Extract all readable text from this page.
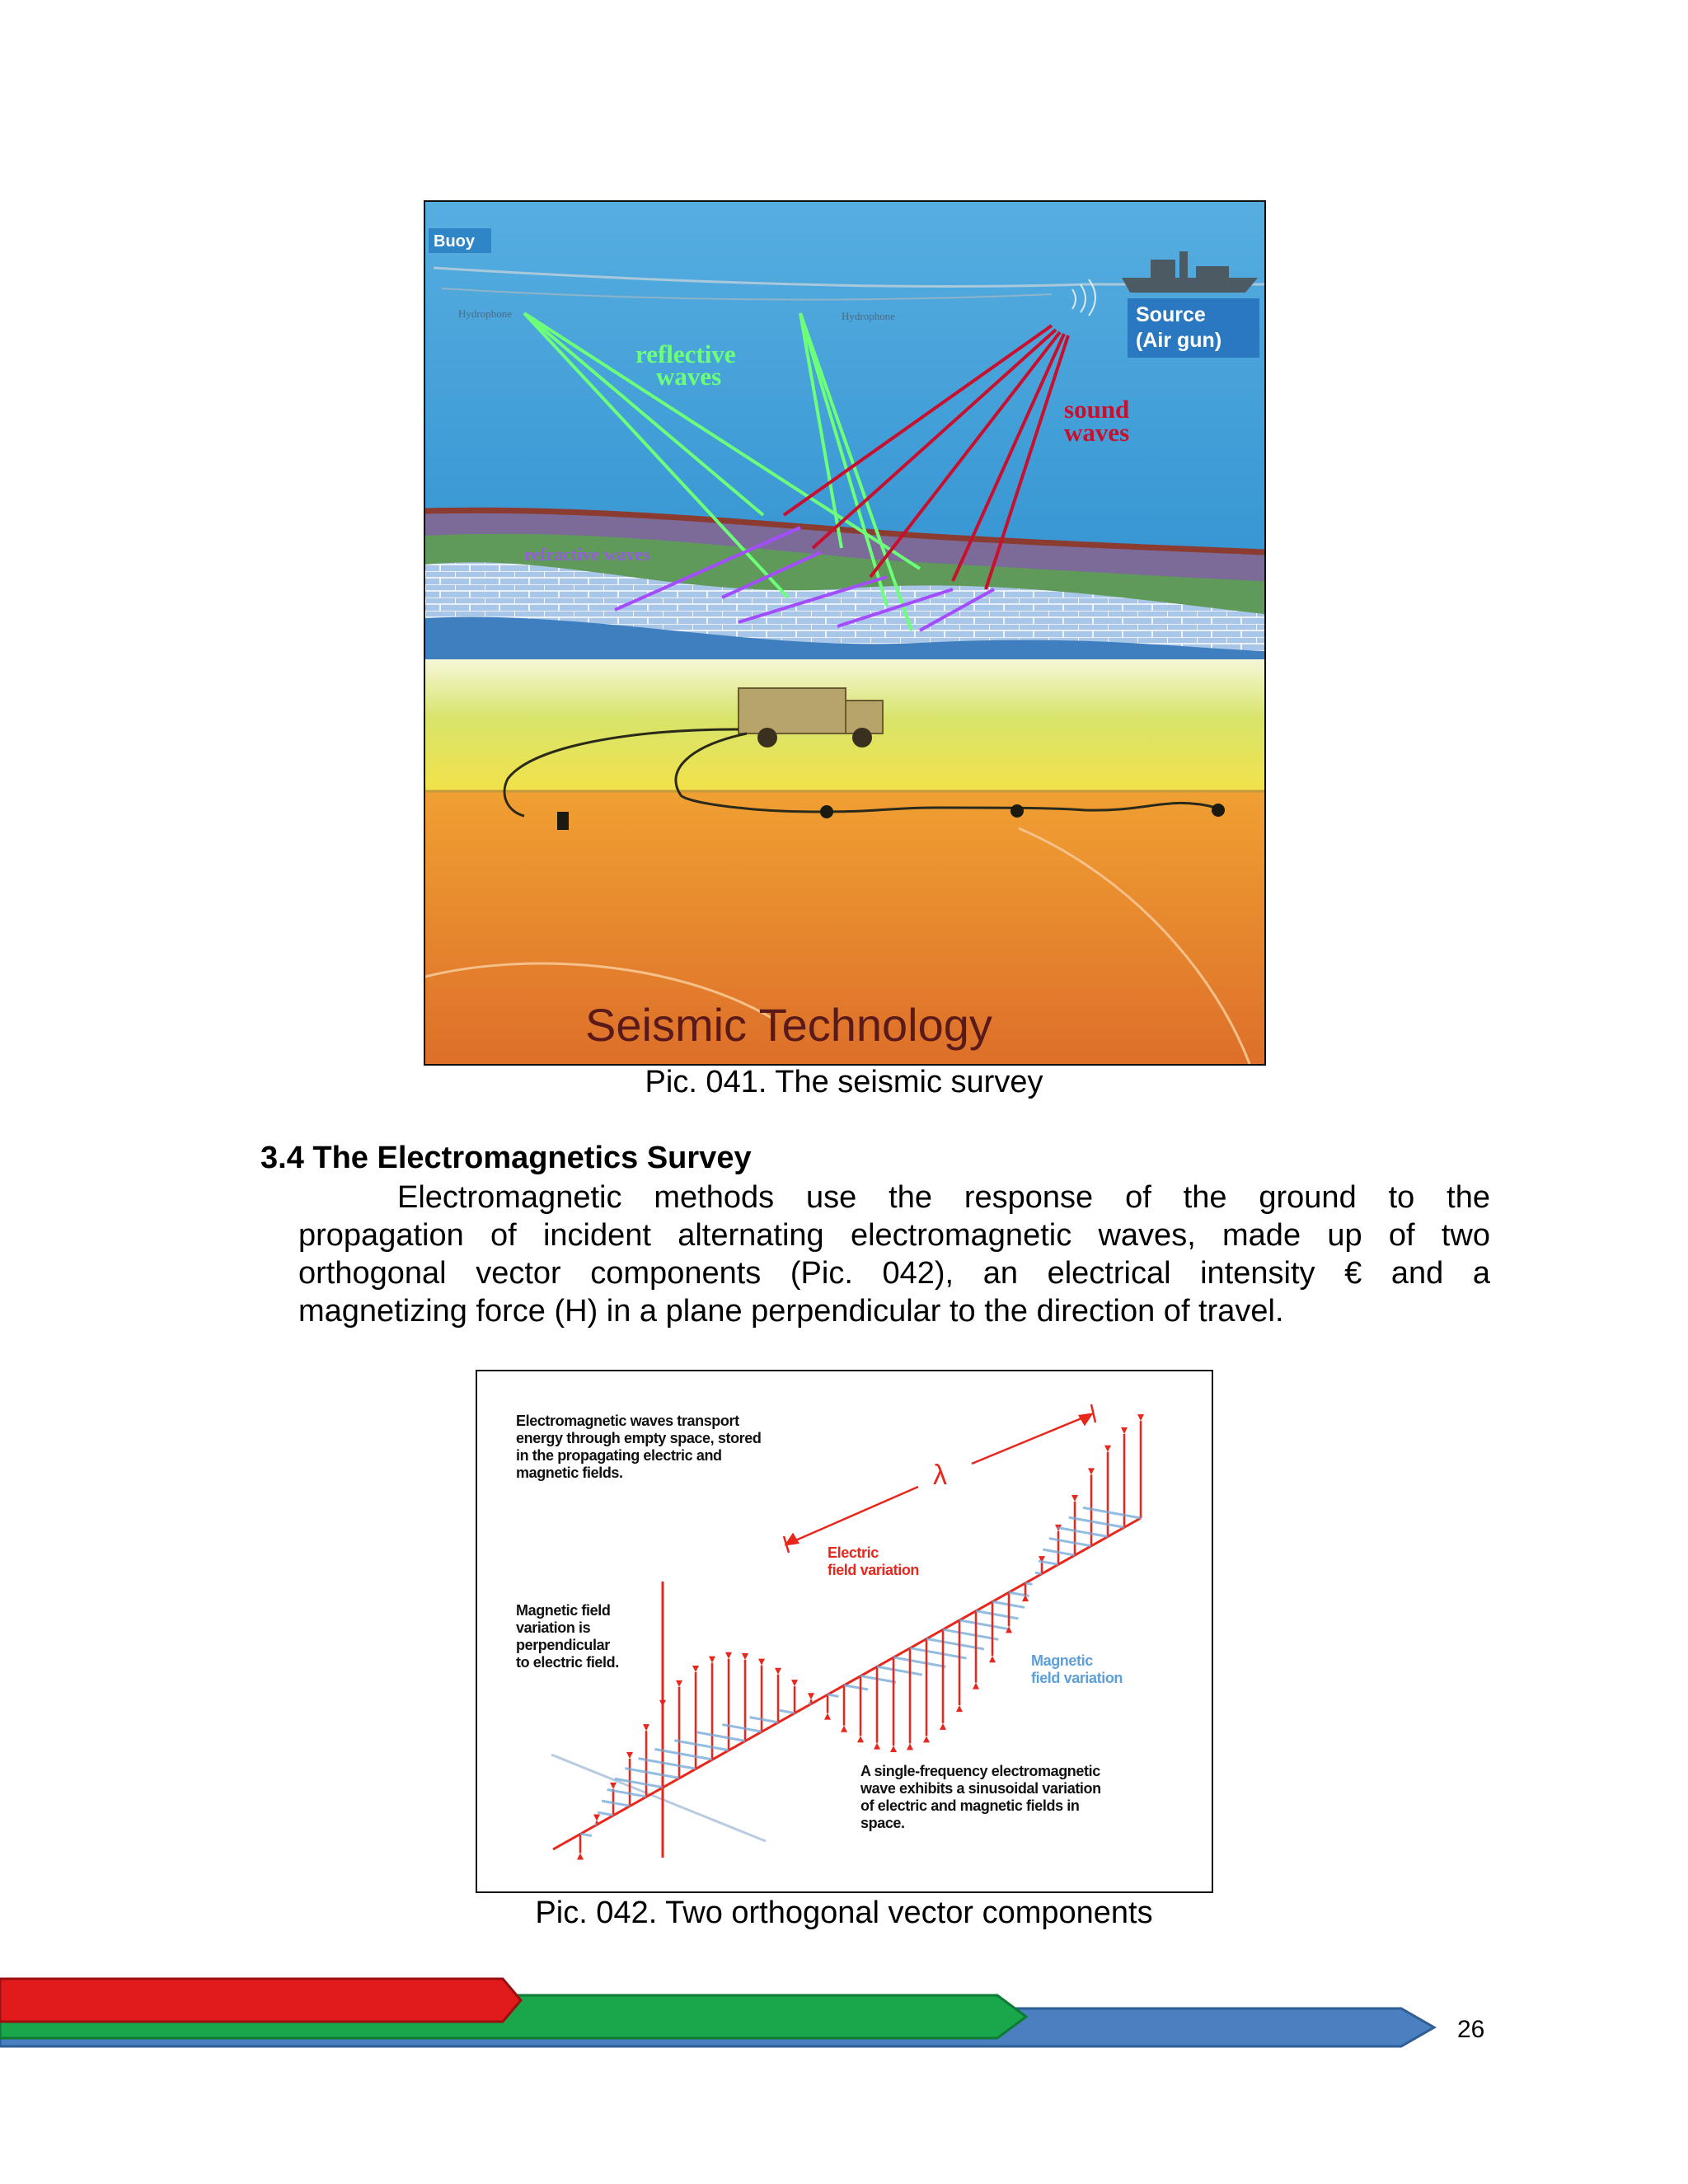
Buoy
Hydrophone	Hydrophone	Source
(Air gun)
reflective
waves
sound
waves
refractive waves
Seismic Technology
Pic. 041. The seismic survey
3.4 The Electromagnetics Survey
Electromagnetic methods use the response of the ground to the
propagation of incident alternating electromagnetic waves, made up of two
orthogonal vector components (Pic. 042), an electrical intensity € and a
magnetizing force (H) in a plane perpendicular to the direction of travel.
Electromagnetic waves transport
energy through empty space, stored
in the propagating electric and
magnetic fields.	λ
Electric
field variation
Magnetic field
variation is
perpendicular
to electric field.	Magnetic
field variation
A single-frequency electromagnetic
wave exhibits a sinusoidal variation
of electric and magnetic fields in
space.
Pic. 042. Two orthogonal vector components
26
